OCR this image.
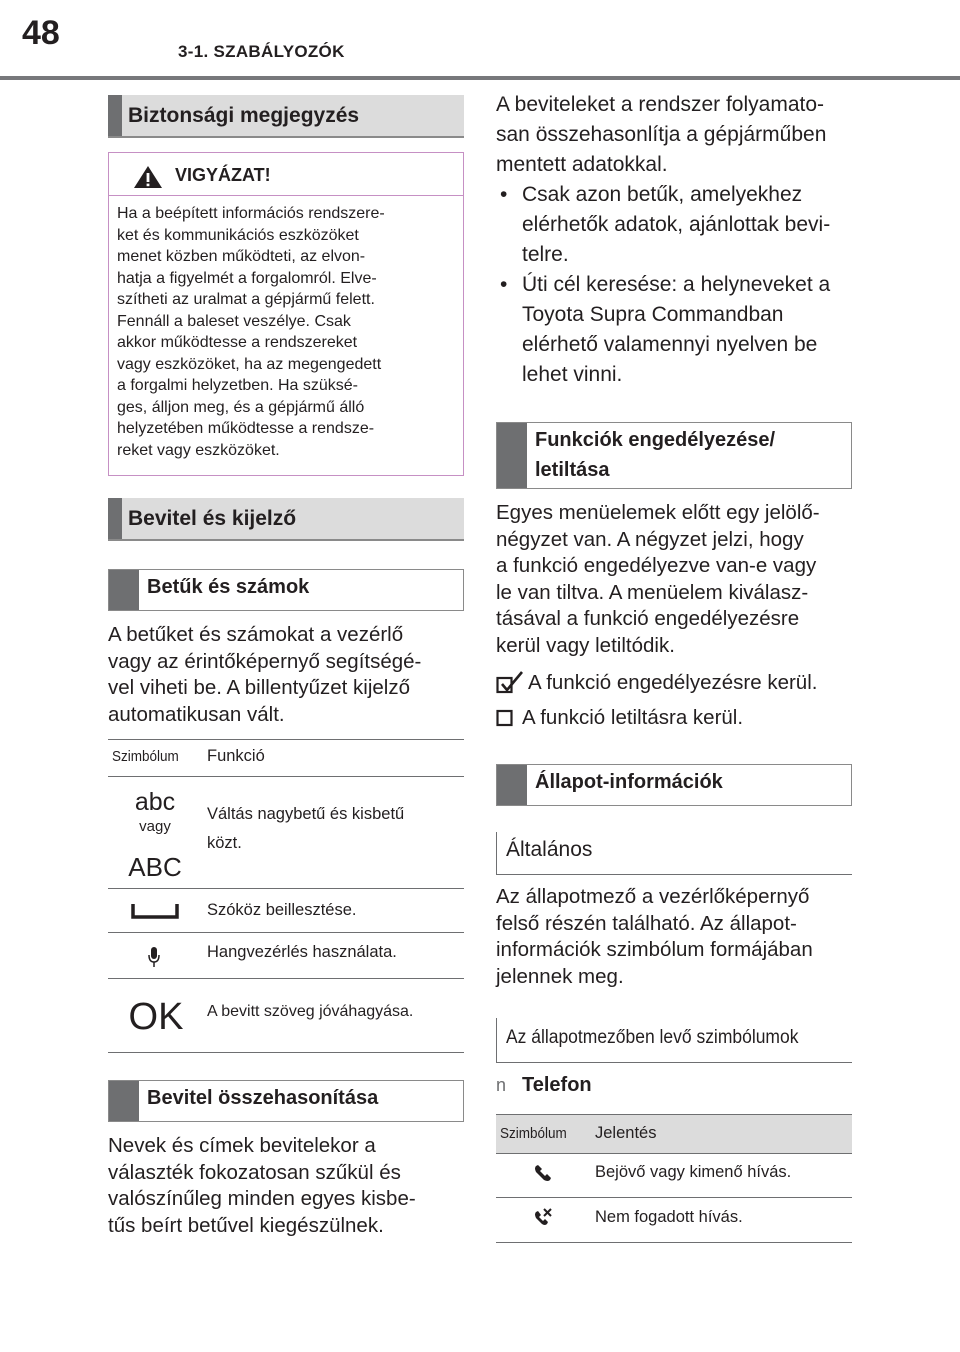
48	3-1. SZABÁLYOZÓK
Biztonsági megjegyzés
VIGYÁZAT!
Ha a beépített információs rendszere-
ket és kommunikációs eszközöket
menet közben működteti, az elvon-
hatja a figyelmét a forgalomról. Elve-
szítheti az uralmat a gépjármű felett.
Fennáll a baleset veszélye. Csak
akkor működtesse a rendszereket
vagy eszközöket, ha az megengedett
a forgalmi helyzetben. Ha szüksé-
ges, álljon meg, és a gépjármű álló
helyzetében működtesse a rendsze-
reket vagy eszközöket.
Bevitel és kijelző
Betűk és számok
A betűket és számokat a vezérlő
vagy az érintőképernyő segítségé-
vel viheti be. A billentyűzet kijelző
automatikusan vált.
Szimbólum Funkció
abc
vagy
ABC
Váltás nagybetű és kisbetű
közt.
Szóköz beillesztése.
Hangvezérlés használata.
OK A bevitt szöveg jóváhagyása.
Bevitel összehasonítása
Nevek és címek bevitelekor a
választék fokozatosan szűkül és
valószínűleg minden egyes kisbe-
tűs beírt betűvel kiegészülnek.
A beviteleket a rendszer folyamato-
san összehasonlítja a gépjárműben
mentett adatokkal.
• Csak azon betűk, amelyekhez
elérhetők adatok, ajánlottak bevi-
telre.
• Úti cél keresése: a helyneveket a
Toyota Supra Commandban
elérhető valamennyi nyelven be
lehet vinni.
Funkciók engedélyezése/
letiltása
Egyes menüelemek előtt egy jelölő-
négyzet van. A négyzet jelzi, hogy
a funkció engedélyezve van-e vagy
le van tiltva. A menüelem kiválasz-
tásával a funkció engedélyezésre
kerül vagy letiltódik.
A funkció engedélyezésre kerül.
A funkció letiltásra kerül.
Állapot-információk
Általános
Az állapotmező a vezérlőképernyő
felső részén található. Az állapot-
információk szimbólum formájában
jelennek meg.
Az állapotmezőben levő szimbólumok
n Telefon
Szimbólum Jelentés
Bejövő vagy kimenő hívás.
Nem fogadott hívás.
